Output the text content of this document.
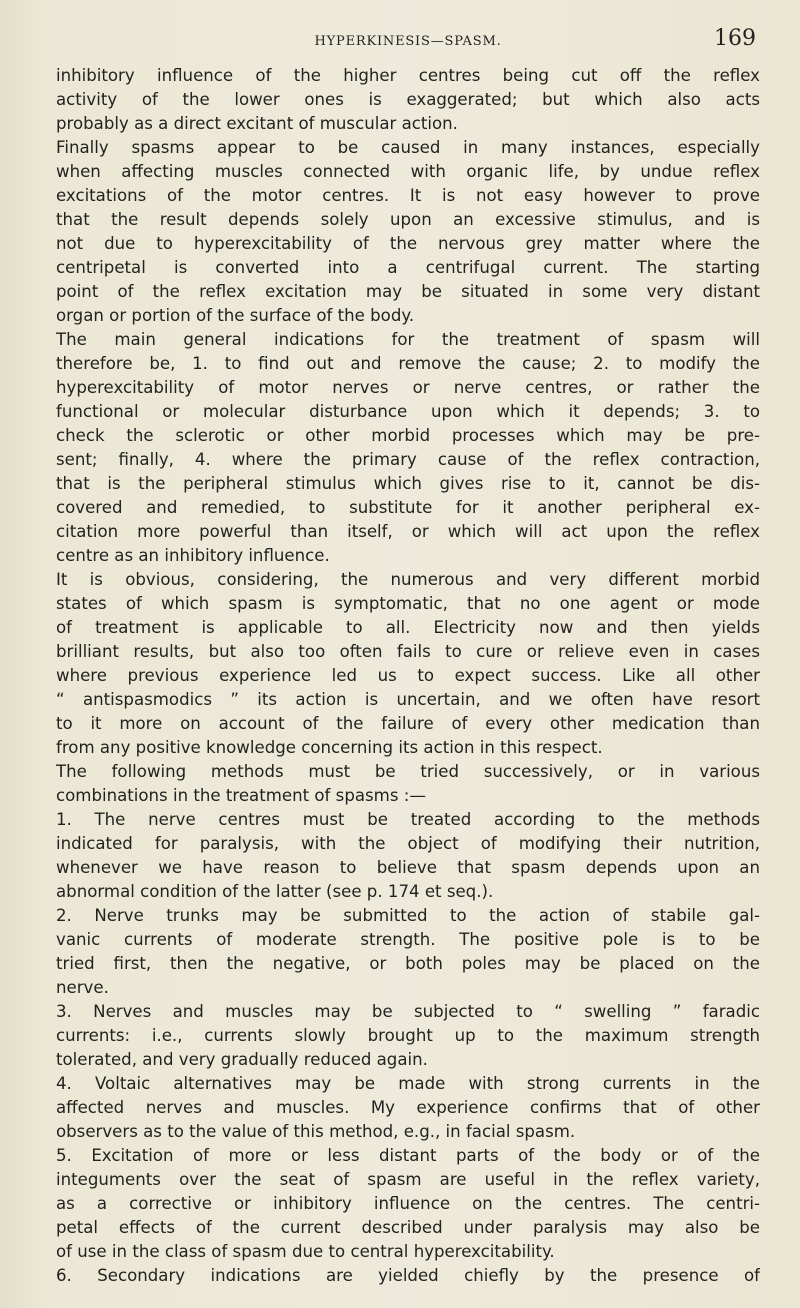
HYPERKINESIS—SPASM.	169
inhibitory influence of the higher centres being cut off the reflex
activity of the lower ones is exaggerated; but which also acts
probably as a direct excitant of muscular action.
Finally spasms appear to be caused in many instances, especially
when affecting muscles connected with organic life, by undue reflex
excitations of the motor centres. It is not easy however to prove
that the result depends solely upon an excessive stimulus, and is
not due to hyperexcitability of the nervous grey matter where the
centripetal is converted into a centrifugal current. The starting
point of the reflex excitation may be situated in some very distant
organ or portion of the surface of the body.
The main general indications for the treatment of spasm will
therefore be, 1. to find out and remove the cause; 2. to modify the
hyperexcitability of motor nerves or nerve centres, or rather the
functional or molecular disturbance upon which it depends; 3. to
check the sclerotic or other morbid processes which may be pre-
sent; finally, 4. where the primary cause of the reflex contraction,
that is the peripheral stimulus which gives rise to it, cannot be dis-
covered and remedied, to substitute for it another peripheral ex-
citation more powerful than itself, or which will act upon the reflex
centre as an inhibitory influence.
It is obvious, considering, the numerous and very different morbid
states of which spasm is symptomatic, that no one agent or mode
of treatment is applicable to all. Electricity now and then yields
brilliant results, but also too often fails to cure or relieve even in cases
where previous experience led us to expect success. Like all other
“ antispasmodics ” its action is uncertain, and we often have resort
to it more on account of the failure of every other medication than
from any positive knowledge concerning its action in this respect.
The following methods must be tried successively, or in various
combinations in the treatment of spasms :—
1. The nerve centres must be treated according to the methods
indicated for paralysis, with the object of modifying their nutrition,
whenever we have reason to believe that spasm depends upon an
abnormal condition of the latter (see p. 174 et seq.).
2. Nerve trunks may be submitted to the action of stabile gal-
vanic currents of moderate strength. The positive pole is to be
tried first, then the negative, or both poles may be placed on the
nerve.
3. Nerves and muscles may be subjected to “ swelling ” faradic
currents: i.e., currents slowly brought up to the maximum strength
tolerated, and very gradually reduced again.
4. Voltaic alternatives may be made with strong currents in the
affected nerves and muscles. My experience confirms that of other
observers as to the value of this method, e.g., in facial spasm.
5. Excitation of more or less distant parts of the body or of the
integuments over the seat of spasm are useful in the reflex variety,
as a corrective or inhibitory influence on the centres. The centri-
petal effects of the current described under paralysis may also be
of use in the class of spasm due to central hyperexcitability.
6. Secondary indications are yielded chiefly by the presence of
